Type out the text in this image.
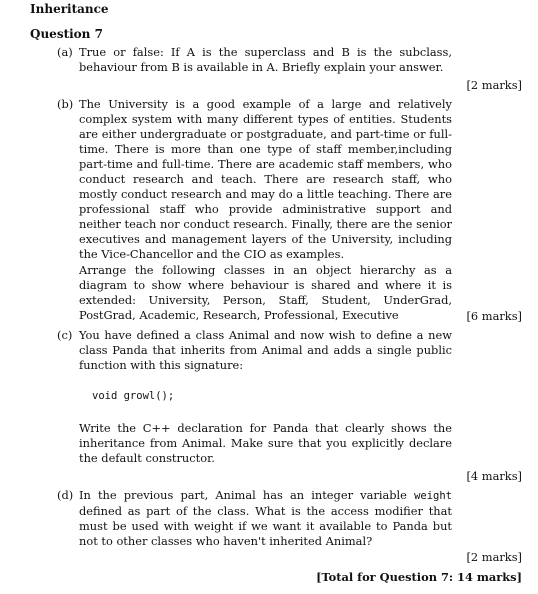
Inheritance
Question 7
(a) True or false: If A is the superclass and B is the subclass, behaviour from B is available in A. Briefly explain your answer.
[2 marks]
(b) The University is a good example of a large and relatively complex system with many different types of entities. Students are either undergraduate or postgraduate, and part-time or full-time. There is more than one type of staff member,including part-time and full-time. There are academic staff members, who conduct research and teach. There are research staff, who mostly conduct research and may do a little teaching. There are professional staff who provide administrative support and neither teach nor conduct research. Finally, there are the senior executives and management layers of the University, including the Vice-Chancellor and the CIO as examples.
Arrange the following classes in an object hierarchy as a diagram to show where behaviour is shared and where it is extended: University, Person, Staff, Student, UnderGrad, PostGrad, Academic, Research, Professional, Executive	[6 marks]
(c) You have defined a class Animal and now wish to define a new class Panda that inherits from Animal and adds a single public function with this signature:
void growl();
Write the C++ declaration for Panda that clearly shows the inheritance from Animal. Make sure that you explicitly declare the default constructor.
[4 marks]
(d) In the previous part, Animal has an integer variable weight defined as part of the class. What is the access modifier that must be used with weight if we want it available to Panda but not to other classes who haven't inherited Animal?
[2 marks]
[Total for Question 7: 14 marks]
